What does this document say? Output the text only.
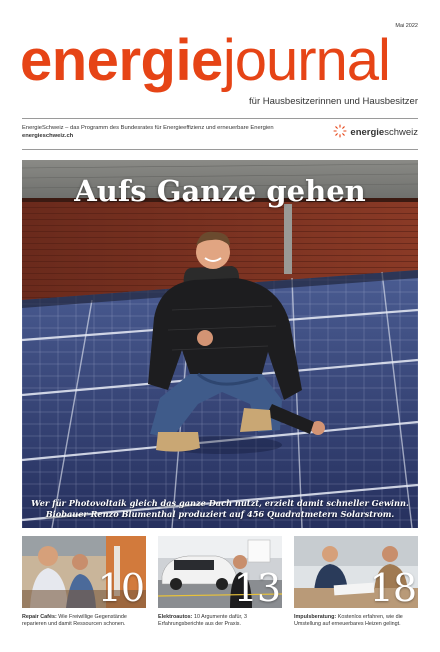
Mai 2022
energiejournal
für Hausbesitzerinnen und Hausbesitzer
EnergieSchweiz – das Programm des Bundesrates für Energieeffizienz und erneuerbare Energien
energieschweiz.ch	energieschweiz
Aufs Ganze gehen
Wer für Photovoltaik gleich das ganze Dach nutzt, erzielt damit schneller Gewinn.
Biobauer Renzo Blumenthal produziert auf 456 Quadratmetern Solarstrom.
10 13 18
Repair Cafés: Wie Freiwillige Gegenstände reparieren und damit Ressourcen schonen.
Elektroautos: 10 Argumente dafür, 3 Erfahrungsberichte aus der Praxis.
Impulsberatung: Kostenlos erfahren, wie die Umstellung auf erneuerbares Heizen gelingt.
